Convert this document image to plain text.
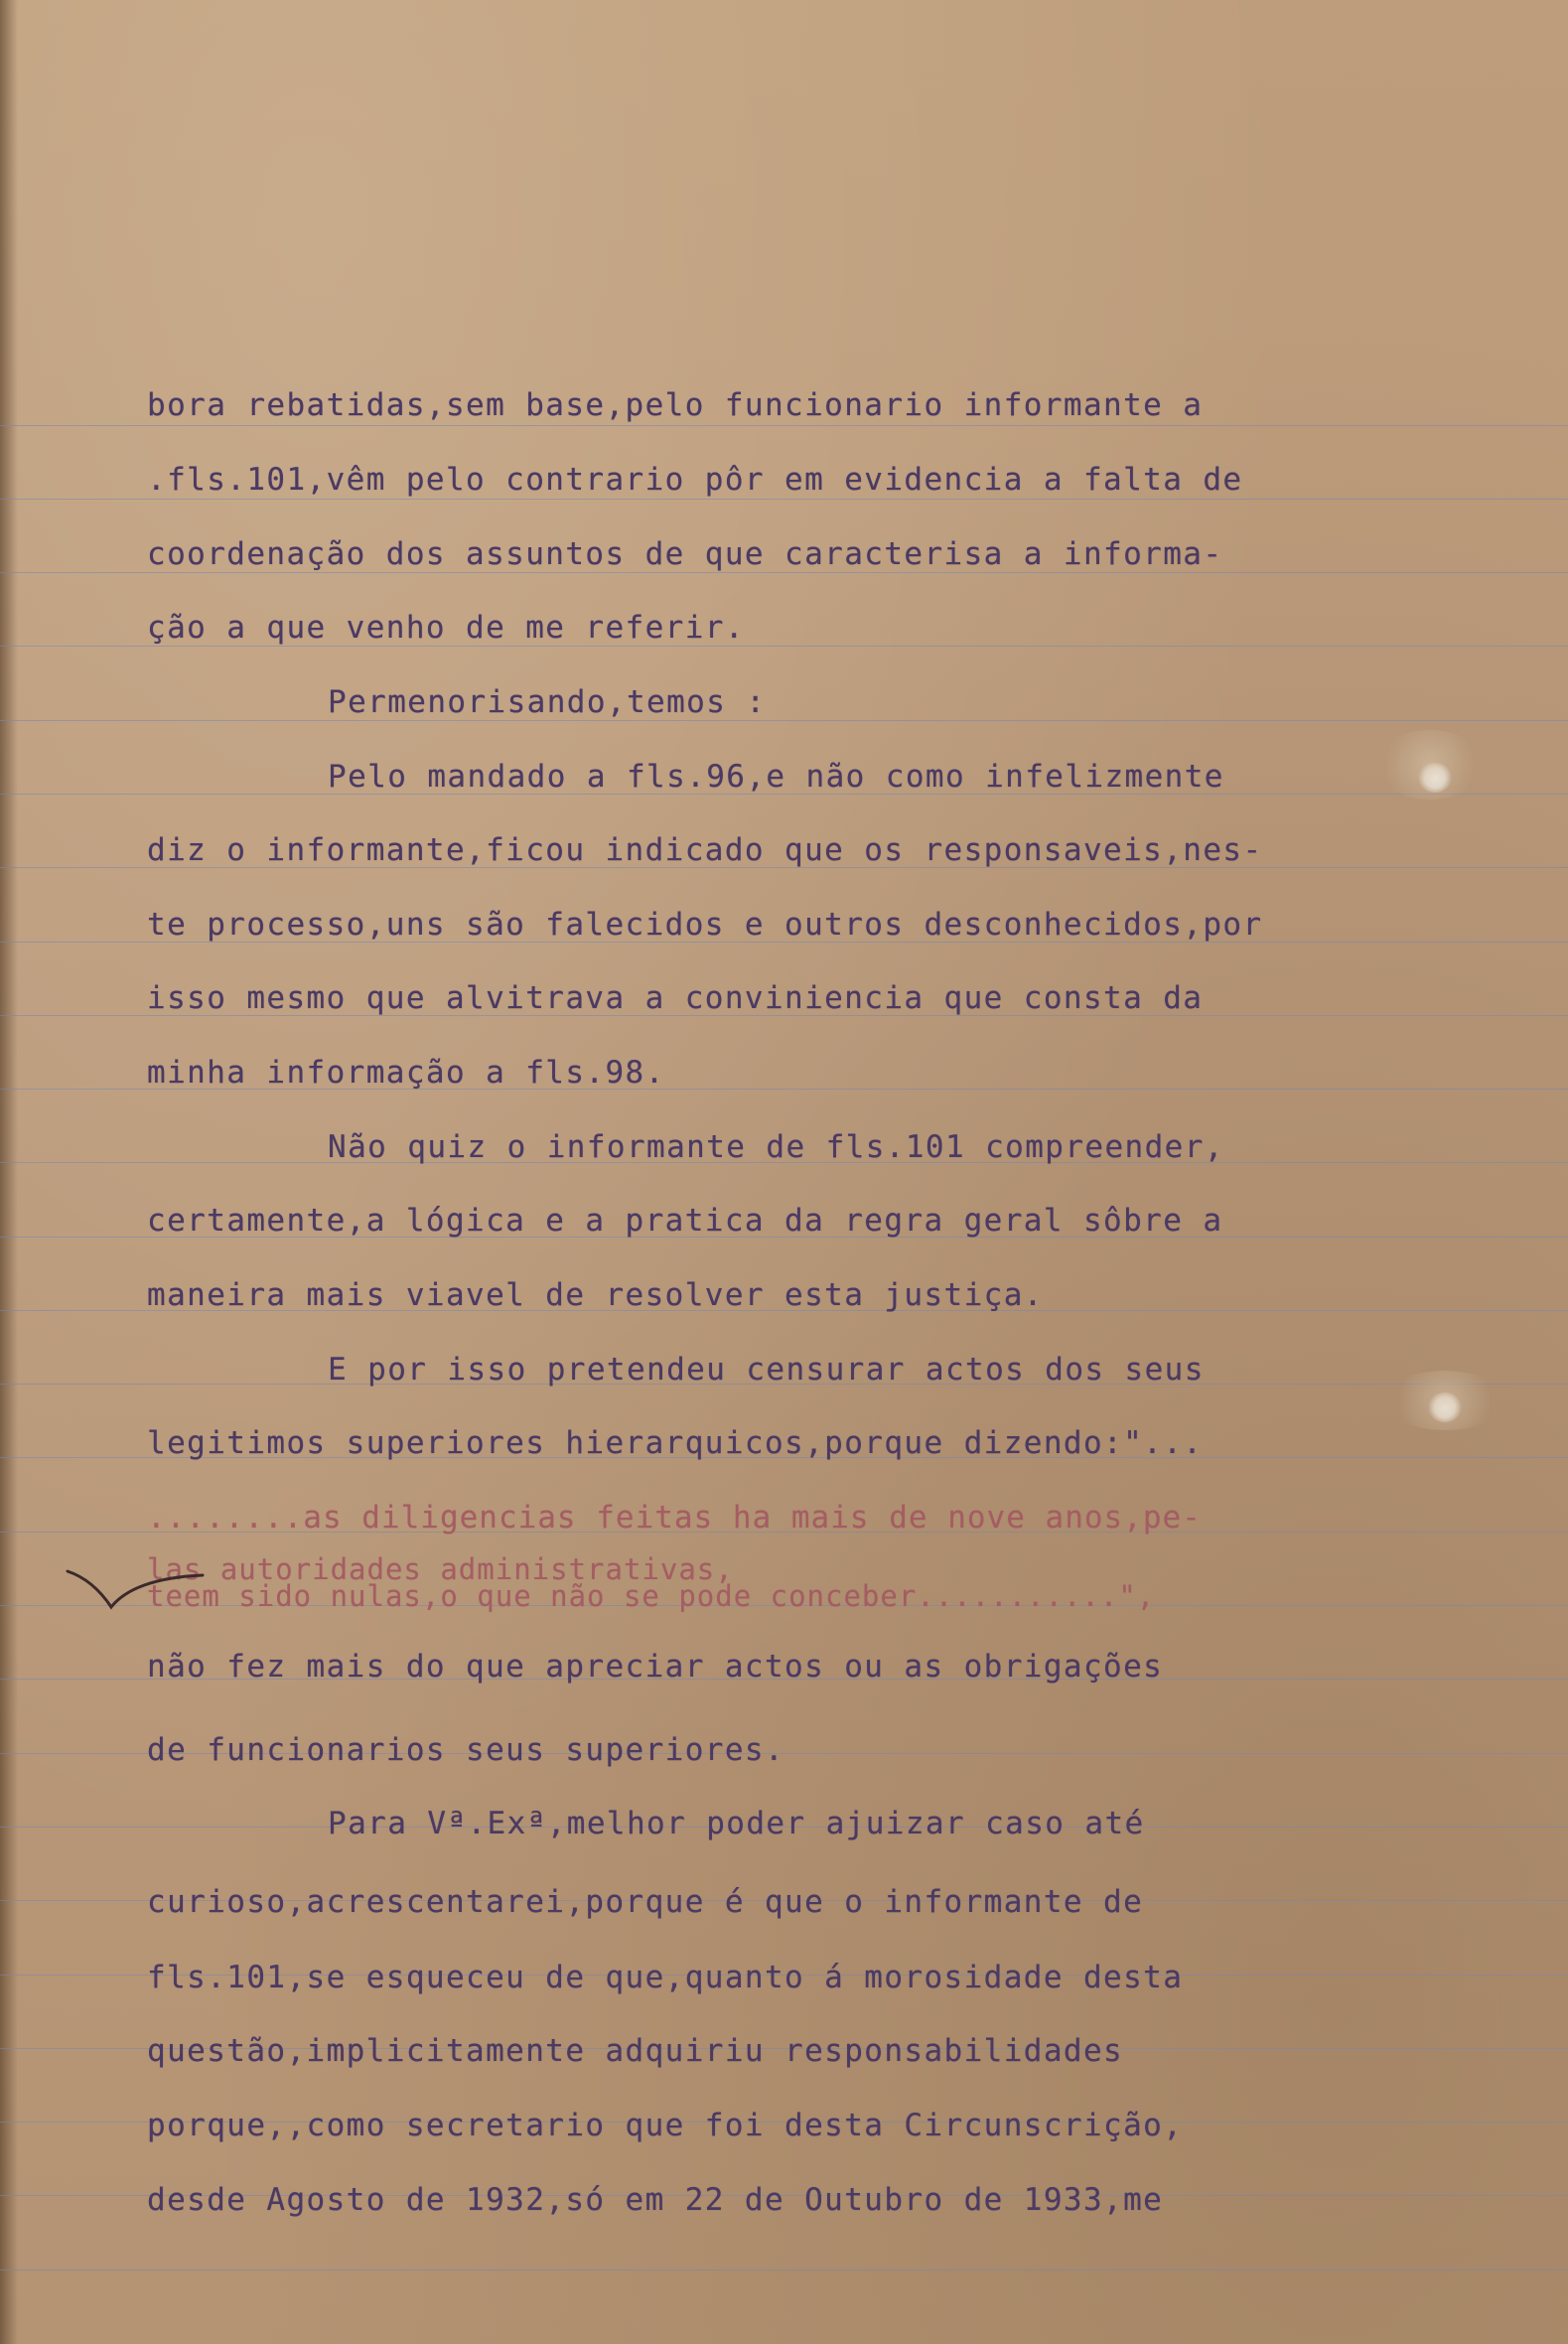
bora rebatidas,sem base,pelo funcionario informante a
.fls.101,vêm pelo contrario pôr em evidencia a falta de
coordenação dos assuntos de que caracterisa a informa-
ção a que venho de me referir.
Permenorisando,temos :
Pelo mandado a fls.96,e não como infelizmente
diz o informante,ficou indicado que os responsaveis,nes-
te processo,uns são falecidos e outros desconhecidos,por
isso mesmo que alvitrava a conviniencia que consta da
minha informação a fls.98.
Não quiz o informante de fls.101 compreender,
certamente,a lógica e a pratica da regra geral sôbre a
maneira mais viavel de resolver esta justiça.
E por isso pretendeu censurar actos dos seus
legitimos superiores hierarquicos,porque dizendo:"...
........as diligencias feitas ha mais de nove anos,pe-
las autoridades administrativas,
teem sido nulas,o que não se pode conceber...........",
não fez mais do que apreciar actos ou as obrigações
de funcionarios seus superiores.
Para Vª.Exª,melhor poder ajuizar caso até
curioso,acrescentarei,porque é que o informante de
fls.101,se esqueceu de que,quanto á morosidade desta
questão,implicitamente adquiriu responsabilidades
porque,,como secretario que foi desta Circunscrição,
desde Agosto de 1932,só em 22 de Outubro de 1933,me
